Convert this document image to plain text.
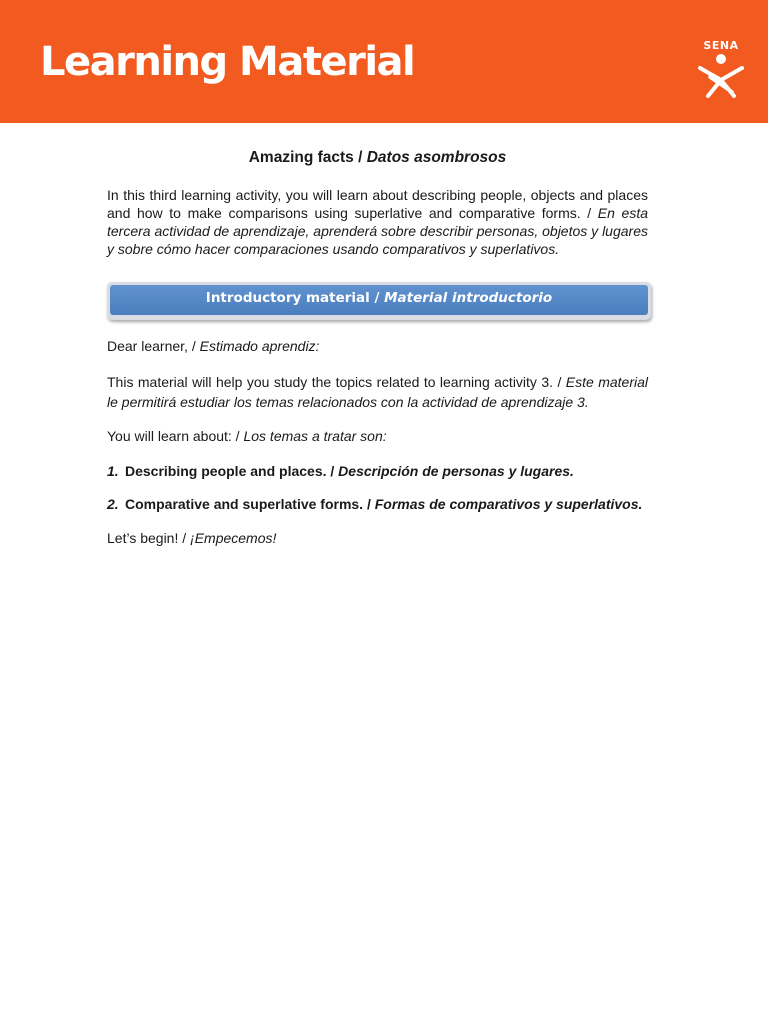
Learning Material	SENA
Amazing facts / Datos asombrosos

In this third learning activity, you will learn about describing people, objects and places and how to make comparisons using superlative and comparative forms. / En esta tercera actividad de aprendizaje, aprenderá sobre describir personas, objetos y lugares y sobre cómo hacer comparaciones usando comparativos y superlativos.

Introductory material / Material introductorio

Dear learner, / Estimado aprendiz:

This material will help you study the topics related to learning activity 3. / Este material le permitirá estudiar los temas relacionados con la actividad de aprendizaje 3.

You will learn about: / Los temas a tratar son:

1. Describing people and places. / Descripción de personas y lugares.
2. Comparative and superlative forms. / Formas de comparativos y superlativos.

Let’s begin! / ¡Empecemos!
